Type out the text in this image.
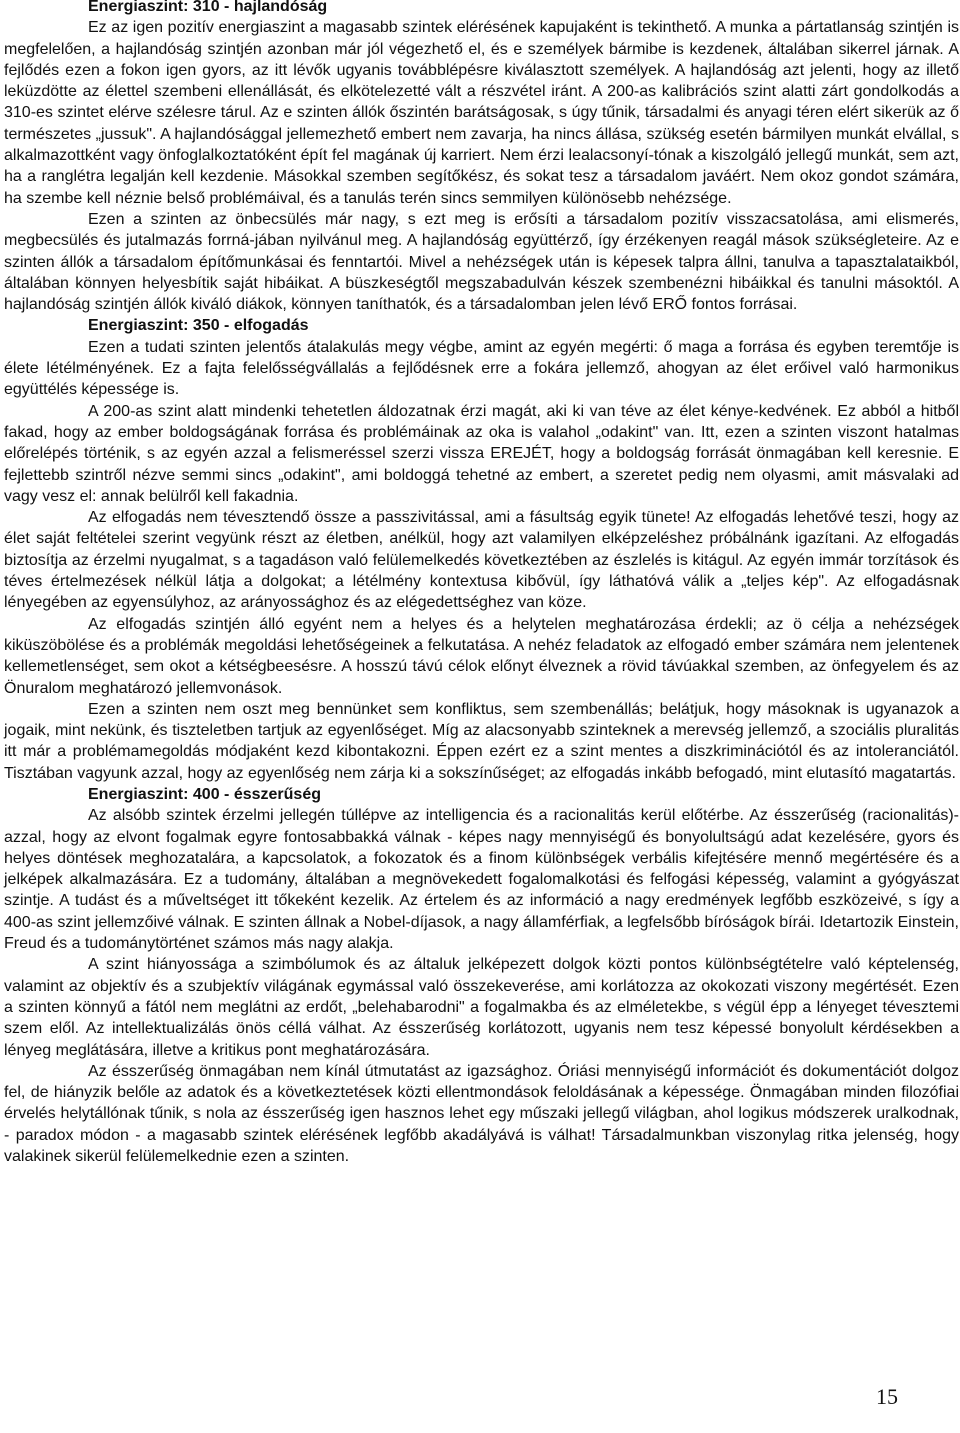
Energiaszint: 310 - hajlandóság

Ez az igen pozitív energiaszint a magasabb szintek elérésének kapujaként is tekinthető. A munka a pártatlanság szintjén is megfelelően, a hajlandóság szintjén azonban már jól végezhető el, és e személyek bármibe is kezdenek, általában sikerrel járnak. A fejlődés ezen a fokon igen gyors, az itt lévők ugyanis továbblépésre kiválasztott személyek. A hajlandóság azt jelenti, hogy az illető leküzdötte az élettel szembeni ellenállását, és elkötelezetté vált a részvétel iránt. A 200-as kalibrációs szint alatti zárt gondolkodás a 310-es szintet elérve szélesre tárul. Az e szinten állók őszintén barátságosak, s úgy tűnik, társadalmi és anyagi téren elért sikerük az ő természetes „jussuk". A hajlandósággal jellemezhető embert nem zavarja, ha nincs állása, szükség esetén bármilyen munkát elvállal, s alkalmazottként vagy önfoglalkoztatóként épít fel magának új karriert. Nem érzi lealacsonyí-tónak a kiszolgáló jellegű munkát, sem azt, ha a ranglétra legalján kell kezdenie. Másokkal szemben segítőkész, és sokat tesz a társadalom javáért. Nem okoz gondot számára, ha szembe kell néznie belső problémáival, és a tanulás terén sincs semmilyen különösebb nehézsége.

Ezen a szinten az önbecsülés már nagy, s ezt meg is erősíti a társadalom pozitív visszacsatolása, ami elismerés, megbecsülés és jutalmazás forrná-jában nyilvánul meg. A hajlandóság együttérző, így érzékenyen reagál mások szükségleteire. Az e szinten állók a társadalom építőmunkásai és fenntartói. Mivel a nehézségek után is képesek talpra állni, tanulva a tapasztalataikból, általában könnyen helyesbítik saját hibáikat. A büszkeségtől megszabadulván készek szembenézni hibáikkal és tanulni másoktól. A hajlandóság szintjén állók kiváló diákok, könnyen taníthatók, és a társadalomban jelen lévő ERŐ fontos forrásai.

Energiaszint: 350 - elfogadás

Ezen a tudati szinten jelentős átalakulás megy végbe, amint az egyén megérti: ő maga a forrása és egyben teremtője is élete létélményének. Ez a fajta felelősségvállalás a fejlődésnek erre a fokára jellemző, ahogyan az élet erőivel való harmonikus együttélés képessége is.

A 200-as szint alatt mindenki tehetetlen áldozatnak érzi magát, aki ki van téve az élet kénye-kedvének. Ez abból a hitből fakad, hogy az ember boldogságának forrása és problémáinak az oka is valahol „odakint" van. Itt, ezen a szinten viszont hatalmas előrelépés történik, s az egyén azzal a felismeréssel szerzi vissza EREJÉT, hogy a boldogság forrását önmagában kell keresnie. E fejlettebb szintről nézve semmi sincs „odakint", ami boldoggá tehetné az embert, a szeretet pedig nem olyasmi, amit másvalaki ad vagy vesz el: annak belülről kell fakadnia.

Az elfogadás nem tévesztendő össze a passzivitással, ami a fásultság egyik tünete! Az elfogadás lehetővé teszi, hogy az élet saját feltételei szerint vegyünk részt az életben, anélkül, hogy azt valamilyen elképzeléshez próbálnánk igazítani. Az elfogadás biztosítja az érzelmi nyugalmat, s a tagadáson való felülemelkedés következtében az észlelés is kitágul. Az egyén immár torzítások és téves értelmezések nélkül látja a dolgokat; a létélmény kontextusa kibővül, így láthatóvá válik a „teljes kép". Az elfogadásnak lényegében az egyensúlyhoz, az arányossághoz és az elégedettséghez van köze.

Az elfogadás szintjén álló egyént nem a helyes és a helytelen meghatározása érdekli; az ö célja a nehézségek kiküszöbölése és a problémák megoldási lehetőségeinek a felkutatása. A nehéz feladatok az elfogadó ember számára nem jelentenek kellemetlenséget, sem okot a kétségbeesésre. A hosszú távú célok előnyt élveznek a rövid távúakkal szemben, az önfegyelem és az Önuralom meghatározó jellemvonások.

Ezen a szinten nem oszt meg bennünket sem konfliktus, sem szembenállás; belátjuk, hogy másoknak is ugyanazok a jogaik, mint nekünk, és tiszteletben tartjuk az egyenlőséget. Míg az alacsonyabb szinteknek a merevség jellemző, a szociális pluralitás itt már a problémamegoldás módjaként kezd kibontakozni. Éppen ezért ez a szint mentes a diszkriminációtól és az intoleranciától. Tisztában vagyunk azzal, hogy az egyenlőség nem zárja ki a sokszínűséget; az elfogadás inkább befogadó, mint elutasító magatartás.

Energiaszint: 400 - ésszerűség

Az alsóbb szintek érzelmi jellegén túllépve az intelligencia és a racionalitás kerül előtérbe. Az ésszerűség (racionalitás)-azzal, hogy az elvont fogalmak egyre fontosabbakká válnak - képes nagy mennyiségű és bonyolultságú adat kezelésére, gyors és helyes döntések meghozatalára, a kapcsolatok, a fokozatok és a finom különbségek verbális kifejtésére mennő megértésére és a jelképek alkalmazására. Ez a tudomány, általában a megnövekedett fogalomalkotási és felfogási képesség, valamint a gyógyászat szintje. A tudást és a műveltséget itt tőkeként kezelik. Az értelem és az információ a nagy eredmények legfőbb eszközeivé, s így a 400-as szint jellemzőivé válnak. E szinten állnak a Nobel-díjasok, a nagy államférfiak, a legfelsőbb bíróságok bírái. Idetartozik Einstein, Freud és a tudománytörténet számos más nagy alakja.

A szint hiányossága a szimbólumok és az általuk jelképezett dolgok közti pontos különbségtételre való képtelenség, valamint az objektív és a szubjektív világának egymással való összekeverése, ami korlátozza az okokozati viszony megértését. Ezen a szinten könnyű a fától nem meglátni az erdőt, „belehabarodni" a fogalmakba és az elméletekbe, s végül épp a lényeget tévesztemi szem elől. Az intellektualizálás önös céllá válhat. Az ésszerűség korlátozott, ugyanis nem tesz képessé bonyolult kérdésekben a lényeg meglátására, illetve a kritikus pont meghatározására.

Az ésszerűség önmagában nem kínál útmutatást az igazsághoz. Óriási mennyiségű információt és dokumentációt dolgoz fel, de hiányzik belőle az adatok és a következtetések közti ellentmondások feloldásának a képessége. Önmagában minden filozófiai érvelés helytállónak tűnik, s nola az ésszerűség igen hasznos lehet egy műszaki jellegű világban, ahol logikus módszerek uralkodnak, - paradox módon - a magasabb szintek elérésének legfőbb akadályává is válhat! Társadalmunkban viszonylag ritka jelenség, hogy valakinek sikerül felülemelkednie ezen a szinten.

15
